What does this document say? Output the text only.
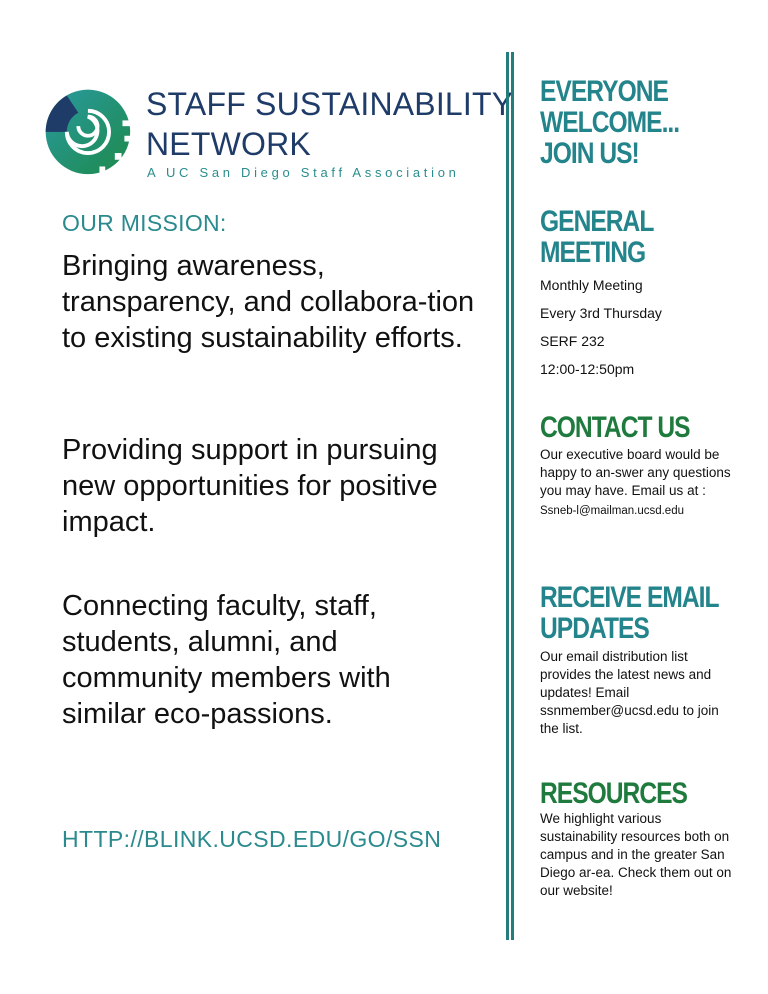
STAFF SUSTAINABILITY
NETWORK
A UC San Diego Staff Association
OUR MISSION:

Bringing awareness, transparency, and collabora-tion to existing sustainability efforts.

Providing support in pursuing new opportunities for positive impact.

Connecting faculty, staff, students, alumni, and community members with similar eco-passions.

HTTP://BLINK.UCSD.EDU/GO/SSN
EVERYONE
WELCOME...
JOIN US!
GENERAL
MEETING
Monthly Meeting
Every 3rd Thursday
SERF 232
12:00-12:50pm
CONTACT US
Our executive board would be happy to an-swer any questions you may have. Email us at :
Ssneb-l@mailman.ucsd.edu
RECEIVE EMAIL
UPDATES

Our email distribution list provides the latest news and updates! Email ssnmember@ucsd.edu to join the list.

RESOURCES

We highlight various sustainability resources both on campus and in the greater San Diego ar-ea. Check them out on our website!
